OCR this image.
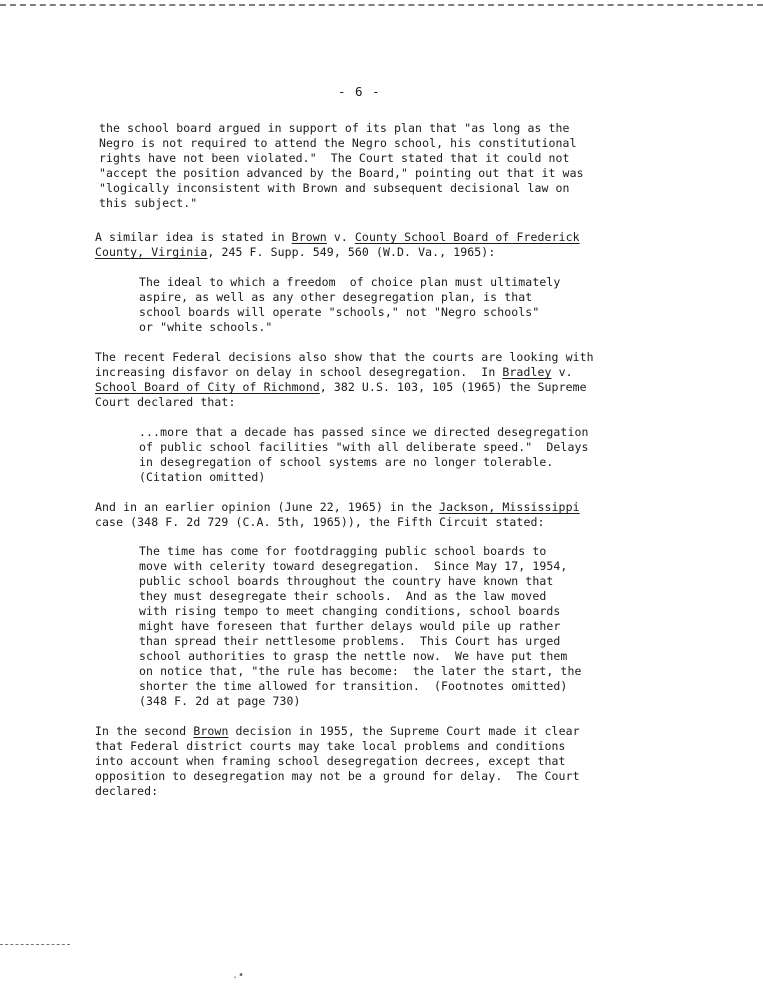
- 6 -
the school board argued in support of its plan that "as long as the
Negro is not required to attend the Negro school, his constitutional
rights have not been violated."  The Court stated that it could not
"accept the position advanced by the Board," pointing out that it was
"logically inconsistent with Brown and subsequent decisional law on
this subject."
A similar idea is stated in Brown v. County School Board of Frederick
County, Virginia, 245 F. Supp. 549, 560 (W.D. Va., 1965):
The ideal to which a freedom  of choice plan must ultimately
aspire, as well as any other desegregation plan, is that
school boards will operate "schools," not "Negro schools"
or "white schools."
The recent Federal decisions also show that the courts are looking with
increasing disfavor on delay in school desegregation.  In Bradley v.
School Board of City of Richmond, 382 U.S. 103, 105 (1965) the Supreme
Court declared that:
...more that a decade has passed since we directed desegregation
of public school facilities "with all deliberate speed."  Delays
in desegregation of school systems are no longer tolerable.
(Citation omitted)
And in an earlier opinion (June 22, 1965) in the Jackson, Mississippi
case (348 F. 2d 729 (C.A. 5th, 1965)), the Fifth Circuit stated:
The time has come for footdragging public school boards to
move with celerity toward desegregation.  Since May 17, 1954,
public school boards throughout the country have known that
they must desegregate their schools.  And as the law moved
with rising tempo to meet changing conditions, school boards
might have foreseen that further delays would pile up rather
than spread their nettlesome problems.  This Court has urged
school authorities to grasp the nettle now.  We have put them
on notice that, "the rule has become:  the later the start, the
shorter the time allowed for transition.  (Footnotes omitted)
(348 F. 2d at page 730)
In the second Brown decision in 1955, the Supreme Court made it clear
that Federal district courts may take local problems and conditions
into account when framing school desegregation decrees, except that
opposition to desegregation may not be a ground for delay.  The Court
declared:
.•
